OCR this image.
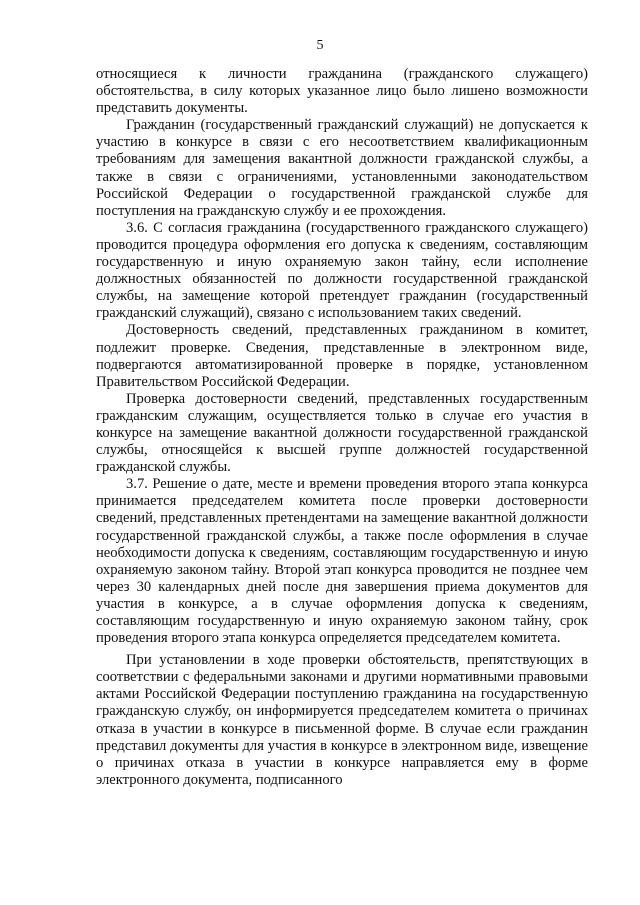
5

относящиеся к личности гражданина (гражданского служащего) обстоятельства, в силу которых указанное лицо было лишено возможности представить документы.

Гражданин (государственный гражданский служащий) не допускается к участию в конкурсе в связи с его несоответствием квалификационным требованиям для замещения вакантной должности гражданской службы, а также в связи с ограничениями, установленными законодательством Российской Федерации о государственной гражданской службе для поступления на гражданскую службу и ее прохождения.

3.6. С согласия гражданина (государственного гражданского служащего) проводится процедура оформления его допуска к сведениям, составляющим государственную и иную охраняемую закон тайну, если исполнение должностных обязанностей по должности государственной гражданской службы, на замещение которой претендует гражданин (государственный гражданский служащий), связано с использованием таких сведений.

Достоверность сведений, представленных гражданином в комитет, подлежит проверке. Сведения, представленные в электронном виде, подвергаются автоматизированной проверке в порядке, установленном Правительством Российской Федерации.

Проверка достоверности сведений, представленных государственным гражданским служащим, осуществляется только в случае его участия в конкурсе на замещение вакантной должности государственной гражданской службы, относящейся к высшей группе должностей государственной гражданской службы.

3.7. Решение о дате, месте и времени проведения второго этапа конкурса принимается председателем комитета после проверки достоверности сведений, представленных претендентами на замещение вакантной должности государственной гражданской службы, а также после оформления в случае необходимости допуска к сведениям, составляющим государственную и иную охраняемую законом тайну. Второй этап конкурса проводится не позднее чем через 30 календарных дней после дня завершения приема документов для участия в конкурсе, а в случае оформления допуска к сведениям, составляющим государственную и иную охраняемую законом тайну, срок проведения второго этапа конкурса определяется председателем комитета.

При установлении в ходе проверки обстоятельств, препятствующих в соответствии с федеральными законами и другими нормативными правовыми актами Российской Федерации поступлению гражданина на государственную гражданскую службу, он информируется председателем комитета о причинах отказа в участии в конкурсе в письменной форме. В случае если гражданин представил документы для участия в конкурсе в электронном виде, извещение о причинах отказа в участии в конкурсе направляется ему в форме электронного документа, подписанного
